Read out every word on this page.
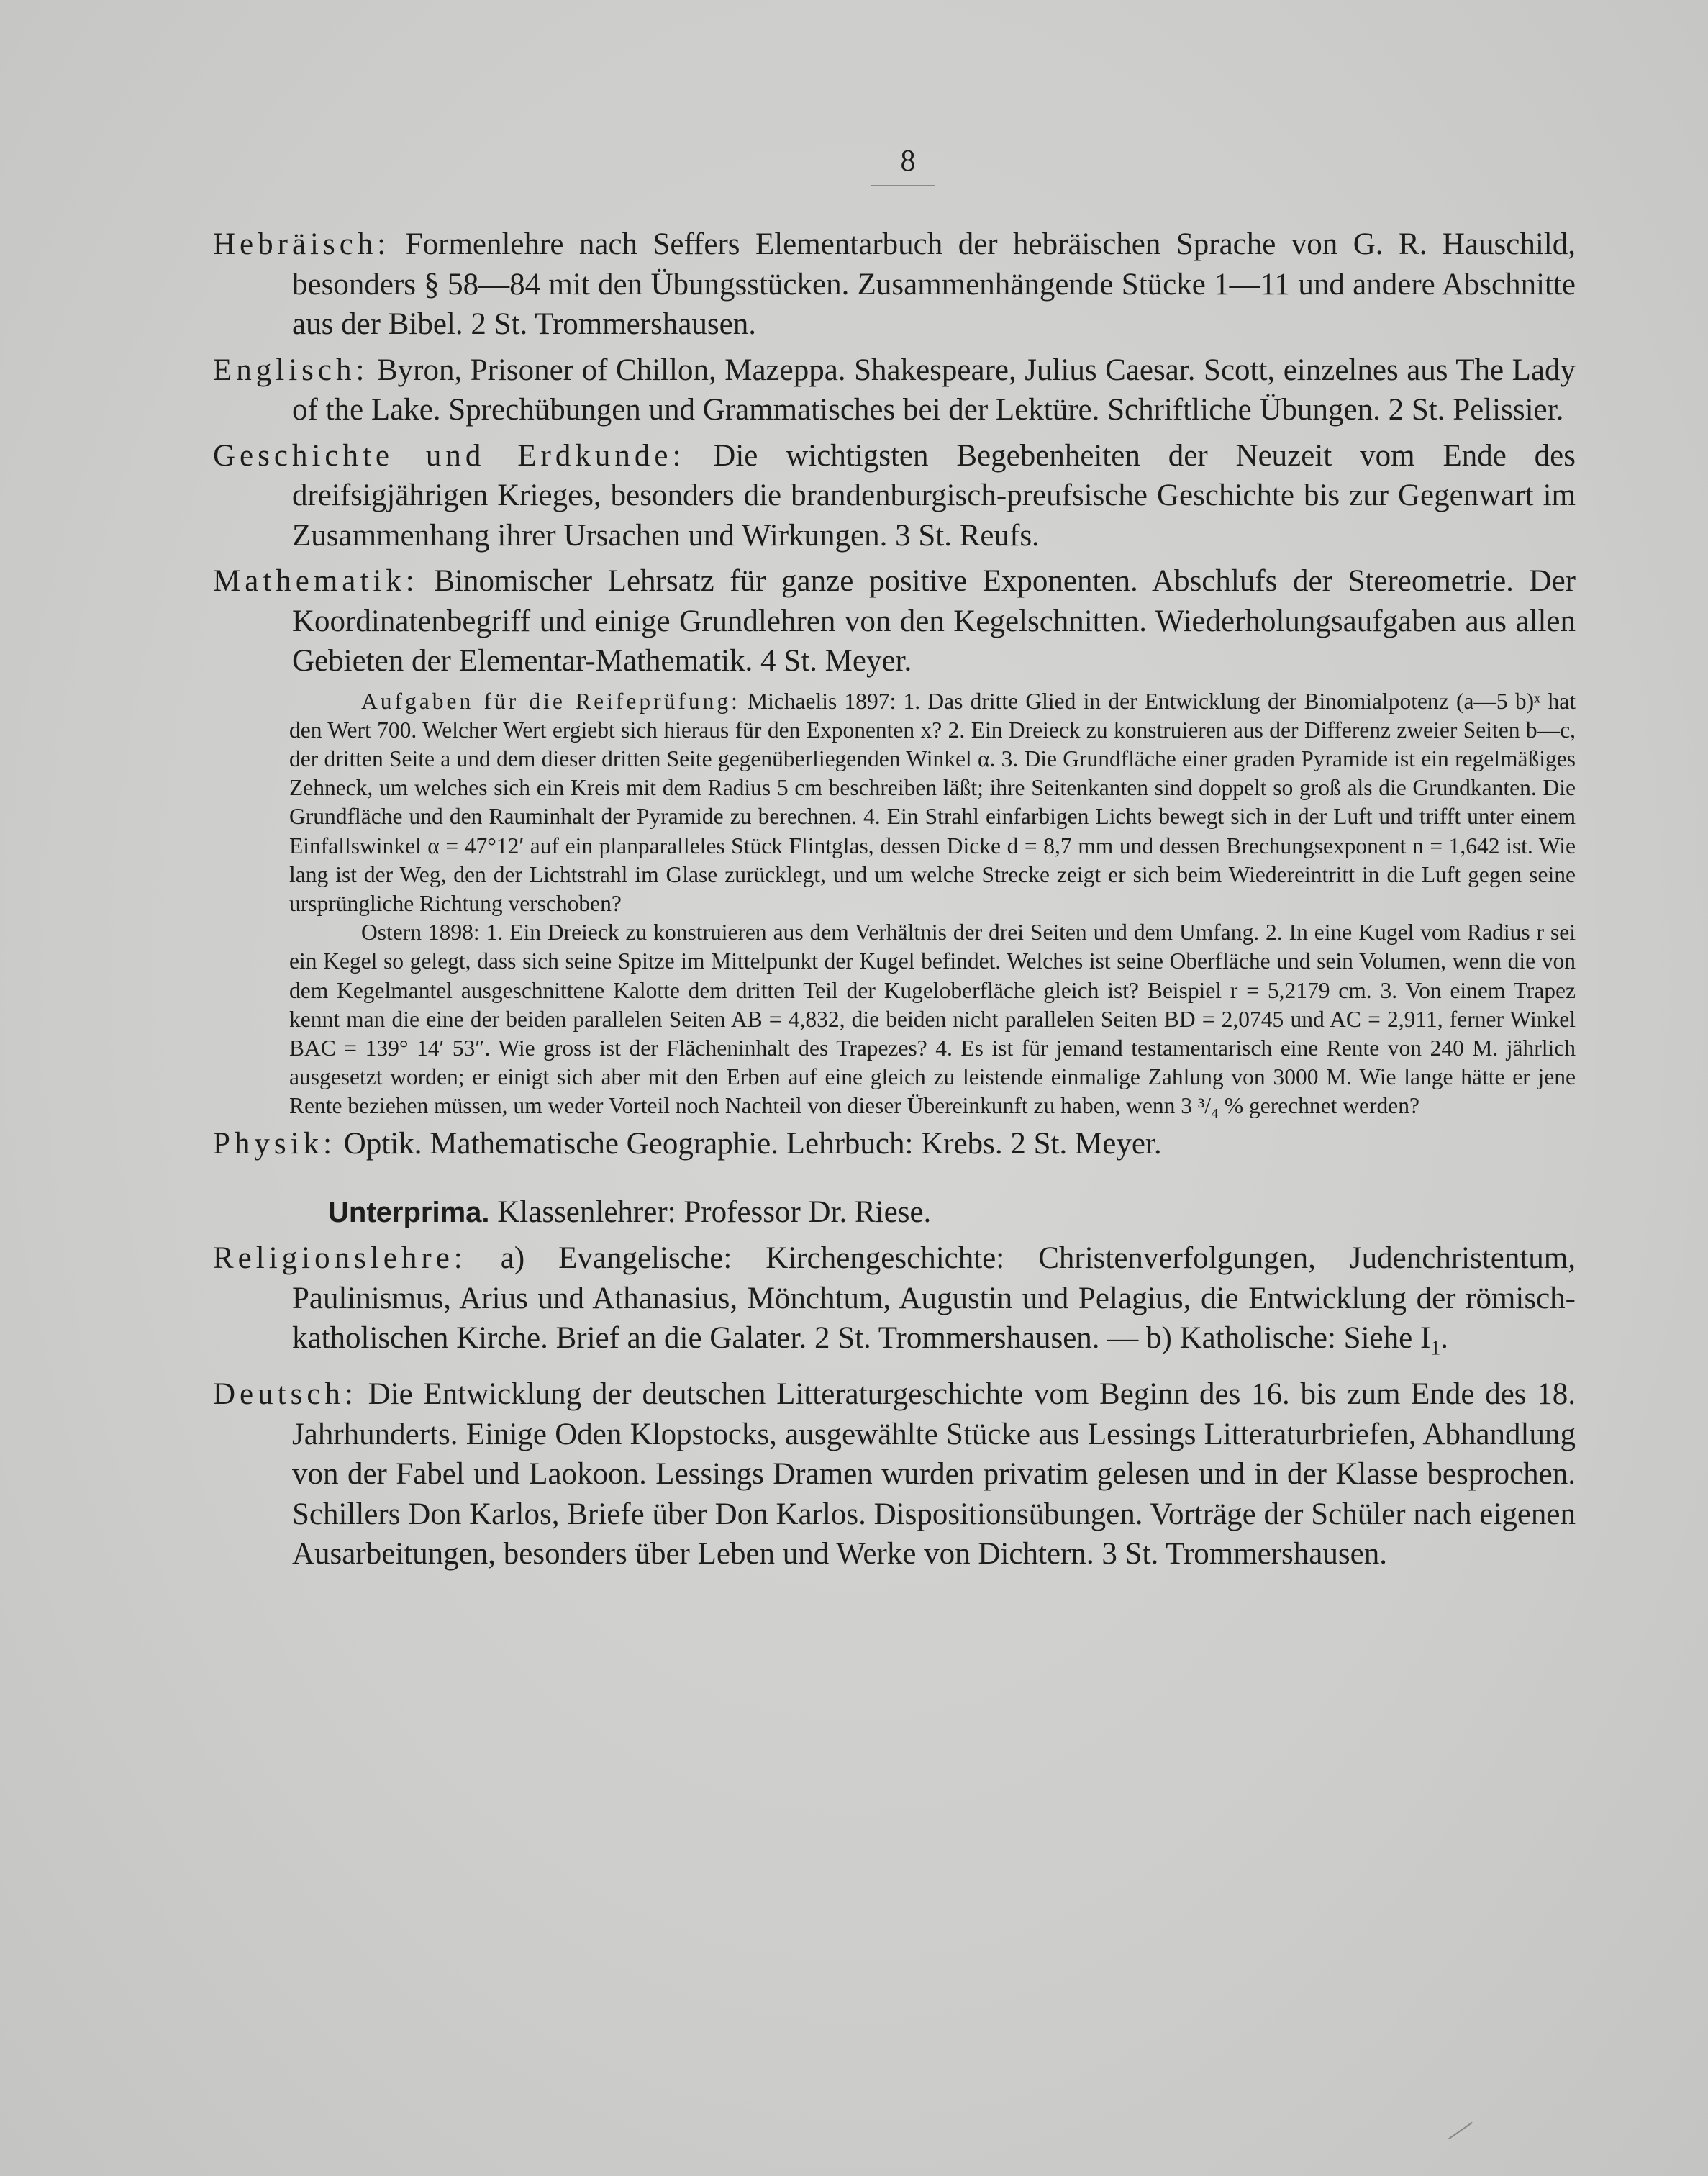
8

Hebräisch: Formenlehre nach Seffers Elementarbuch der hebräischen Sprache von G. R. Hauschild, besonders § 58—84 mit den Übungsstücken. Zusammenhängende Stücke 1—11 und andere Abschnitte aus der Bibel. 2 St. Trommershausen.

Englisch: Byron, Prisoner of Chillon, Mazeppa. Shakespeare, Julius Caesar. Scott, einzelnes aus The Lady of the Lake. Sprechübungen und Grammatisches bei der Lektüre. Schriftliche Übungen. 2 St. Pelissier.

Geschichte und Erdkunde: Die wichtigsten Begebenheiten der Neuzeit vom Ende des dreifsigjährigen Krieges, besonders die brandenburgisch-preufsische Geschichte bis zur Gegenwart im Zusammenhang ihrer Ursachen und Wirkungen. 3 St. Reufs.

Mathematik: Binomischer Lehrsatz für ganze positive Exponenten. Abschlufs der Stereometrie. Der Koordinatenbegriff und einige Grundlehren von den Kegelschnitten. Wiederholungsaufgaben aus allen Gebieten der Elementar-Mathematik. 4 St. Meyer.

Aufgaben für die Reifeprüfung: Michaelis 1897: 1. Das dritte Glied in der Entwicklung der Binomialpotenz (a—5 b)ˣ hat den Wert 700. Welcher Wert ergiebt sich hieraus für den Exponenten x? 2. Ein Dreieck zu konstruieren aus der Differenz zweier Seiten b—c, der dritten Seite a und dem dieser dritten Seite gegenüberliegenden Winkel α. 3. Die Grundfläche einer graden Pyramide ist ein regelmäßiges Zehneck, um welches sich ein Kreis mit dem Radius 5 cm beschreiben läßt; ihre Seitenkanten sind doppelt so groß als die Grundkanten. Die Grundfläche und den Rauminhalt der Pyramide zu berechnen. 4. Ein Strahl einfarbigen Lichts bewegt sich in der Luft und trifft unter einem Einfallswinkel α = 47°12′ auf ein planparalleles Stück Flintglas, dessen Dicke d = 8,7 mm und dessen Brechungsexponent n = 1,642 ist. Wie lang ist der Weg, den der Lichtstrahl im Glase zurücklegt, und um welche Strecke zeigt er sich beim Wiedereintritt in die Luft gegen seine ursprüngliche Richtung verschoben?

Ostern 1898: 1. Ein Dreieck zu konstruieren aus dem Verhältnis der drei Seiten und dem Umfang. 2. In eine Kugel vom Radius r sei ein Kegel so gelegt, dass sich seine Spitze im Mittelpunkt der Kugel befindet. Welches ist seine Oberfläche und sein Volumen, wenn die von dem Kegelmantel ausgeschnittene Kalotte dem dritten Teil der Kugeloberfläche gleich ist? Beispiel r = 5,2179 cm. 3. Von einem Trapez kennt man die eine der beiden parallelen Seiten AB = 4,832, die beiden nicht parallelen Seiten BD = 2,0745 und AC = 2,911, ferner Winkel BAC = 139° 14′ 53″. Wie gross ist der Flächeninhalt des Trapezes? 4. Es ist für jemand testamentarisch eine Rente von 240 M. jährlich ausgesetzt worden; er einigt sich aber mit den Erben auf eine gleich zu leistende einmalige Zahlung von 3000 M. Wie lange hätte er jene Rente beziehen müssen, um weder Vorteil noch Nachteil von dieser Übereinkunft zu haben, wenn 3 ³/₄ % gerechnet werden?

Physik: Optik. Mathematische Geographie. Lehrbuch: Krebs. 2 St. Meyer.

Unterprima. Klassenlehrer: Professor Dr. Riese.

Religionslehre: a) Evangelische: Kirchengeschichte: Christenverfolgungen, Judenchristentum, Paulinismus, Arius und Athanasius, Mönchtum, Augustin und Pelagius, die Entwicklung der römisch-katholischen Kirche. Brief an die Galater. 2 St. Trommershausen. — b) Katholische: Siehe $I_1$.

Deutsch: Die Entwicklung der deutschen Litteraturgeschichte vom Beginn des 16. bis zum Ende des 18. Jahrhunderts. Einige Oden Klopstocks, ausgewählte Stücke aus Lessings Litteraturbriefen, Abhandlung von der Fabel und Laokoon. Lessings Dramen wurden privatim gelesen und in der Klasse besprochen. Schillers Don Karlos, Briefe über Don Karlos. Dispositionsübungen. Vorträge der Schüler nach eigenen Ausarbeitungen, besonders über Leben und Werke von Dichtern. 3 St. Trommershausen.
